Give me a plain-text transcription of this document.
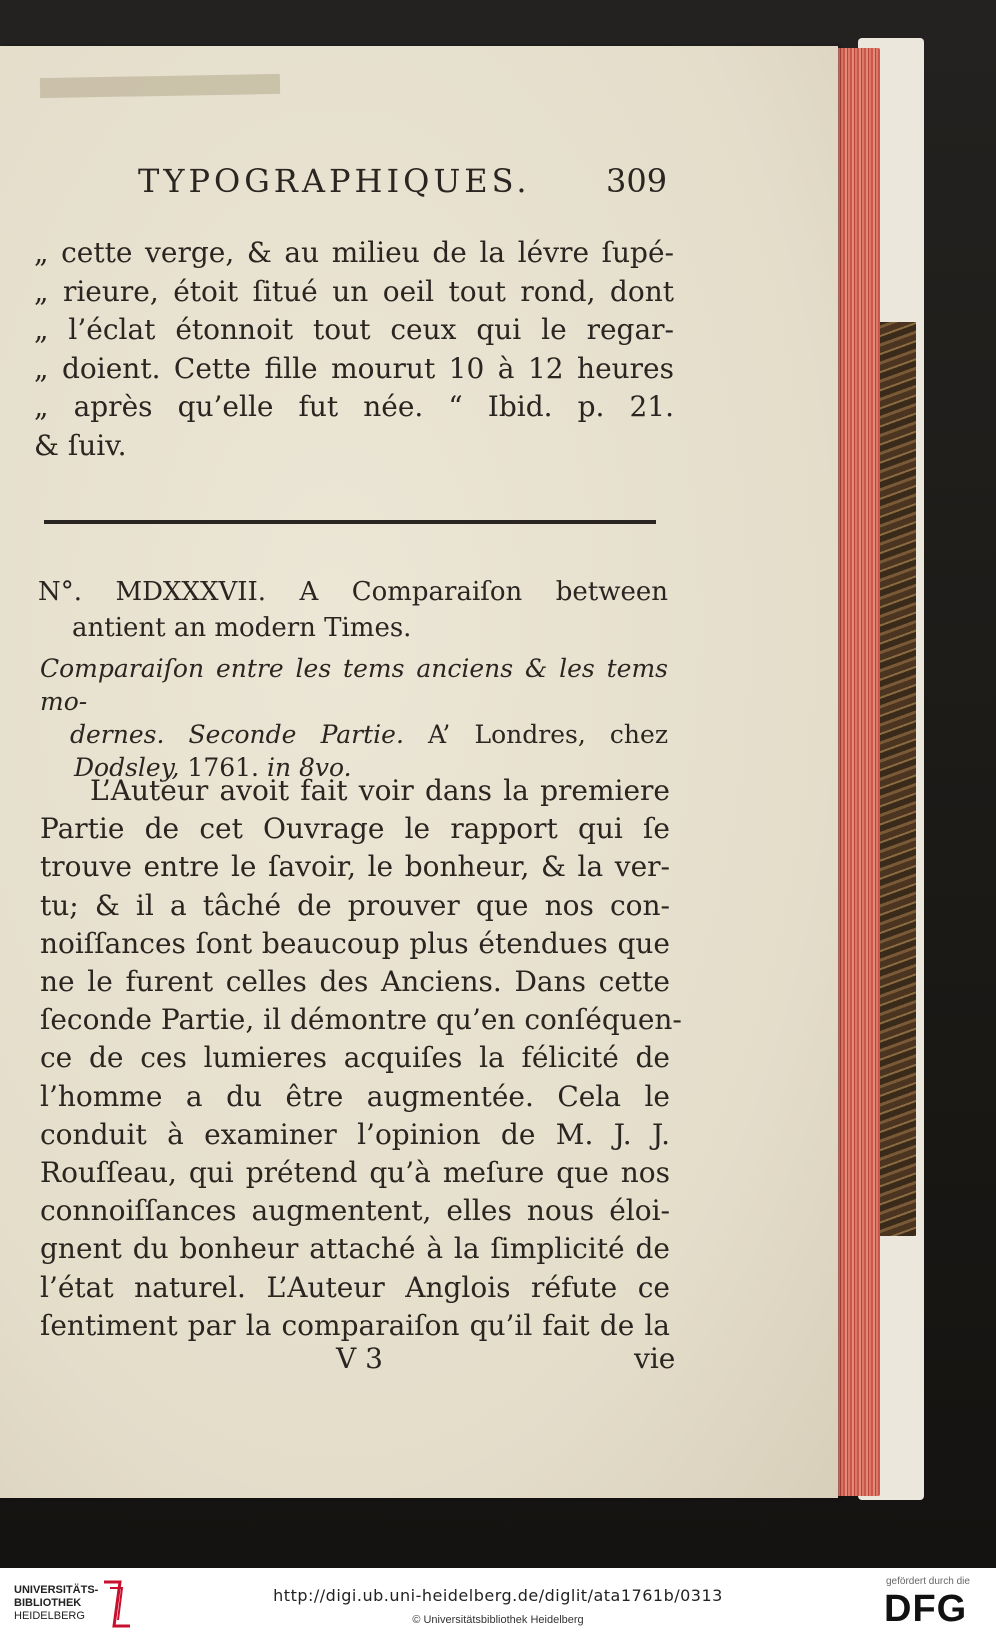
TYPOGRAPHIQUES. 309
„ cette verge, & au milieu de la lévre ſupé-
„ rieure, étoit ſitué un oeil tout rond, dont
„ l’éclat étonnoit tout ceux qui le regar-
„ doient. Cette fille mourut 10 à 12 heures
„ après qu’elle fut née. “ Ibid. p. 21.
& ſuiv.
N°. MDXXXVII. A Comparaiſon between
antient an modern Times.
Comparaiſon entre les tems anciens & les tems mo-
dernes. Seconde Partie. A’ Londres, chez
Dodsley, 1761. in 8vo.
L’Auteur avoit fait voir dans la premiere
Partie de cet Ouvrage le rapport qui ſe
trouve entre le ſavoir, le bonheur, & la ver-
tu; & il a tâché de prouver que nos con-
noiſſances ſont beaucoup plus étendues que
ne le furent celles des Anciens. Dans cette
ſeconde Partie, il démontre qu’en conſéquen-
ce de ces lumieres acquiſes la félicité de
l’homme a du être augmentée. Cela le
conduit à examiner l’opinion de M. J. J.
Rouſſeau, qui prétend qu’à meſure que nos
connoiſſances augmentent, elles nous éloi-
gnent du bonheur attaché à la ſimplicité de
l’état naturel. L’Auteur Anglois réfute ce
ſentiment par la comparaiſon qu’il fait de la
V 3	vie
UNIVERSITÄTS-
BIBLIOTHEK
HEIDELBERG
http://digi.ub.uni-heidelberg.de/diglit/ata1761b/0313
© Universitätsbibliothek Heidelberg
gefördert durch die
DFG
